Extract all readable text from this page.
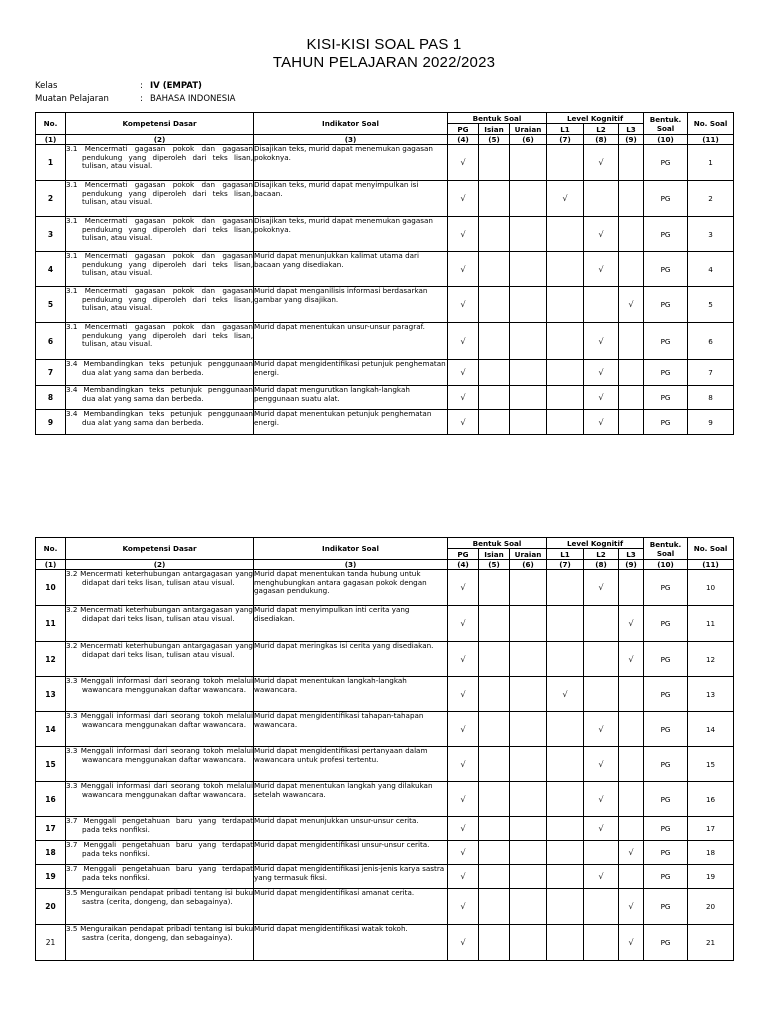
KISI-KISI SOAL PAS 1
TAHUN PELAJARAN 2022/2023
Kelas	: IV (EMPAT)
Muatan Pelajaran	: BAHASA INDONESIA
No.	Kompetensi Dasar	Indikator Soal	Bentuk Soal			Level Kognitif			Bentuk. Soal	No. Soal
			PG	Isian	Uraian	L1	L2	L3		
(1)	(2)	(3)	(4)	(5)	(6)	(7)	(8)	(9)	(10)	(11)
1	3.1 Mencermati gagasan pokok dan gagasan pendukung yang diperoleh dari teks lisan, tulisan, atau visual.	Disajikan teks, murid dapat menemukan gagasan pokoknya.	√				√		PG	1
2	3.1 Mencermati gagasan pokok dan gagasan pendukung yang diperoleh dari teks lisan, tulisan, atau visual.	Disajikan teks, murid dapat menyimpulkan isi bacaan.	√			√			PG	2
3	3.1 Mencermati gagasan pokok dan gagasan pendukung yang diperoleh dari teks lisan, tulisan, atau visual.	Disajikan teks, murid dapat menemukan gagasan pokoknya.	√				√		PG	3
4	3.1 Mencermati gagasan pokok dan gagasan pendukung yang diperoleh dari teks lisan, tulisan, atau visual.	Murid dapat menunjukkan kalimat utama dari bacaan yang disediakan.	√				√		PG	4
5	3.1 Mencermati gagasan pokok dan gagasan pendukung yang diperoleh dari teks lisan, tulisan, atau visual.	Murid dapat menganilisis informasi berdasarkan gambar yang disajikan.	√					√	PG	5
6	3.1 Mencermati gagasan pokok dan gagasan pendukung yang diperoleh dari teks lisan, tulisan, atau visual.	Murid dapat menentukan unsur-unsur paragraf.	√				√		PG	6
7	3.4 Membandingkan teks petunjuk penggunaan dua alat yang sama dan berbeda.	Murid dapat mengidentifikasi petunjuk penghematan energi.	√				√		PG	7
8	3.4 Membandingkan teks petunjuk penggunaan dua alat yang sama dan berbeda.	Murid dapat mengurutkan langkah-langkah penggunaan suatu alat.	√				√		PG	8
9	3.4 Membandingkan teks petunjuk penggunaan dua alat yang sama dan berbeda.	Murid dapat menentukan petunjuk penghematan energi.	√				√		PG	9
No.	Kompetensi Dasar	Indikator Soal	Bentuk Soal			Level Kognitif			Bentuk. Soal	No. Soal
			PG	Isian	Uraian	L1	L2	L3		
(1)	(2)	(3)	(4)	(5)	(6)	(7)	(8)	(9)	(10)	(11)
10	3.2 Mencermati keterhubungan antargagasan yang didapat dari teks lisan, tulisan atau visual.	Murid dapat menentukan tanda hubung untuk menghubungkan antara gagasan pokok dengan gagasan pendukung.	√				√		PG	10
11	3.2 Mencermati keterhubungan antargagasan yang didapat dari teks lisan, tulisan atau visual.	Murid dapat menyimpulkan inti cerita yang disediakan.	√					√	PG	11
12	3.2 Mencermati keterhubungan antargagasan yang didapat dari teks lisan, tulisan atau visual.	Murid dapat meringkas isi cerita yang disediakan.	√					√	PG	12
13	3.3 Menggali informasi dari seorang tokoh melalui wawancara menggunakan daftar wawancara.	Murid dapat menentukan langkah-langkah wawancara.	√			√			PG	13
14	3.3 Menggali informasi dari seorang tokoh melalui wawancara menggunakan daftar wawancara.	Murid dapat mengidentifikasi tahapan-tahapan wawancara.	√				√		PG	14
15	3.3 Menggali informasi dari seorang tokoh melalui wawancara menggunakan daftar wawancara.	Murid dapat mengidentifikasi pertanyaan dalam wawancara untuk profesi tertentu.	√				√		PG	15
16	3.3 Menggali informasi dari seorang tokoh melalui wawancara menggunakan daftar wawancara.	Murid dapat menentukan langkah yang dilakukan setelah wawancara.	√				√		PG	16
17	3.7 Menggali pengetahuan baru yang terdapat pada teks nonfiksi.	Murid dapat menunjukkan unsur-unsur cerita.	√				√		PG	17
18	3.7 Menggali pengetahuan baru yang terdapat pada teks nonfiksi.	Murid dapat mengidentifikasi unsur-unsur cerita.	√					√	PG	18
19	3.7 Menggali pengetahuan baru yang terdapat pada teks nonfiksi.	Murid dapat mengidentifikasi jenis-jenis karya sastra yang termasuk fiksi.	√				√		PG	19
20	3.5 Menguraikan pendapat pribadi tentang isi buku sastra (cerita, dongeng, dan sebagainya).	Murid dapat mengidentifikasi amanat cerita.	√					√	PG	20
21	3.5 Menguraikan pendapat pribadi tentang isi buku sastra (cerita, dongeng, dan sebagainya).	Murid dapat mengidentifikasi watak tokoh.	√					√	PG	21
